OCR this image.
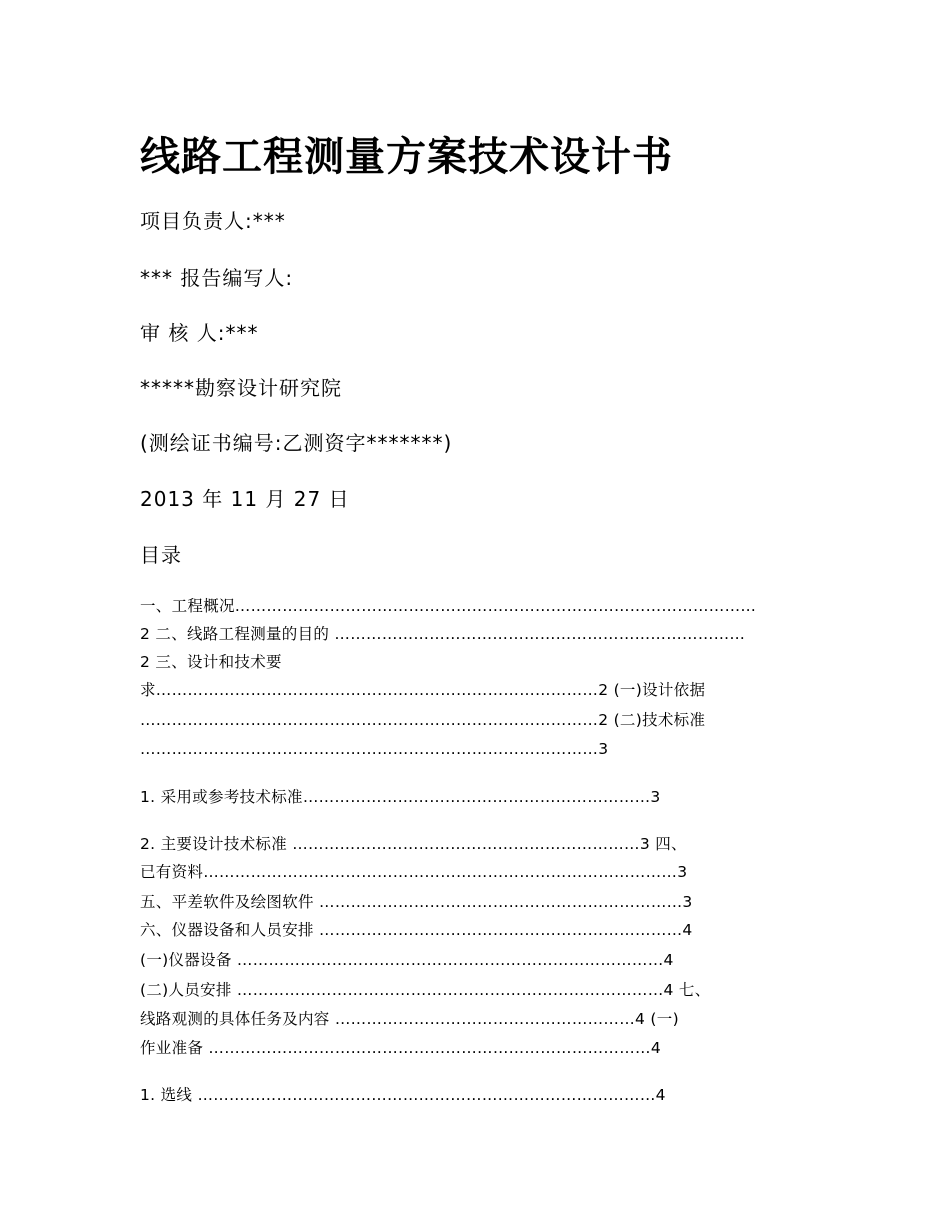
线路工程测量方案技术设计书

项目负责人:***

*** 报告编写人:

审 核 人:***

*****勘察设计研究院

(测绘证书编号:乙测资字*******)

2013 年 11 月 27 日

目录

一、工程概况………………………………………………………………………………………

2 二、线路工程测量的目的 ……………………………………………………………………

2 三、设计和技术要

求…………………………………………………………………………2 (一)设计依据

……………………………………………………………………………2 (二)技术标准

……………………………………………………………………………3

1. 采用或参考技术标准…………………………………………………………3

2. 主要设计技术标准 …………………………………………………………3 四、

已有资料………………………………………………………………………………3

五、平差软件及绘图软件 ……………………………………………………………3

六、仪器设备和人员安排 ……………………………………………………………4

(一)仪器设备 ………………………………………………………………………4

(二)人员安排 ………………………………………………………………………4 七、

线路观测的具体任务及内容 …………………………………………………4 (一)

作业准备 …………………………………………………………………………4

1. 选线 ……………………………………………………………………………4
